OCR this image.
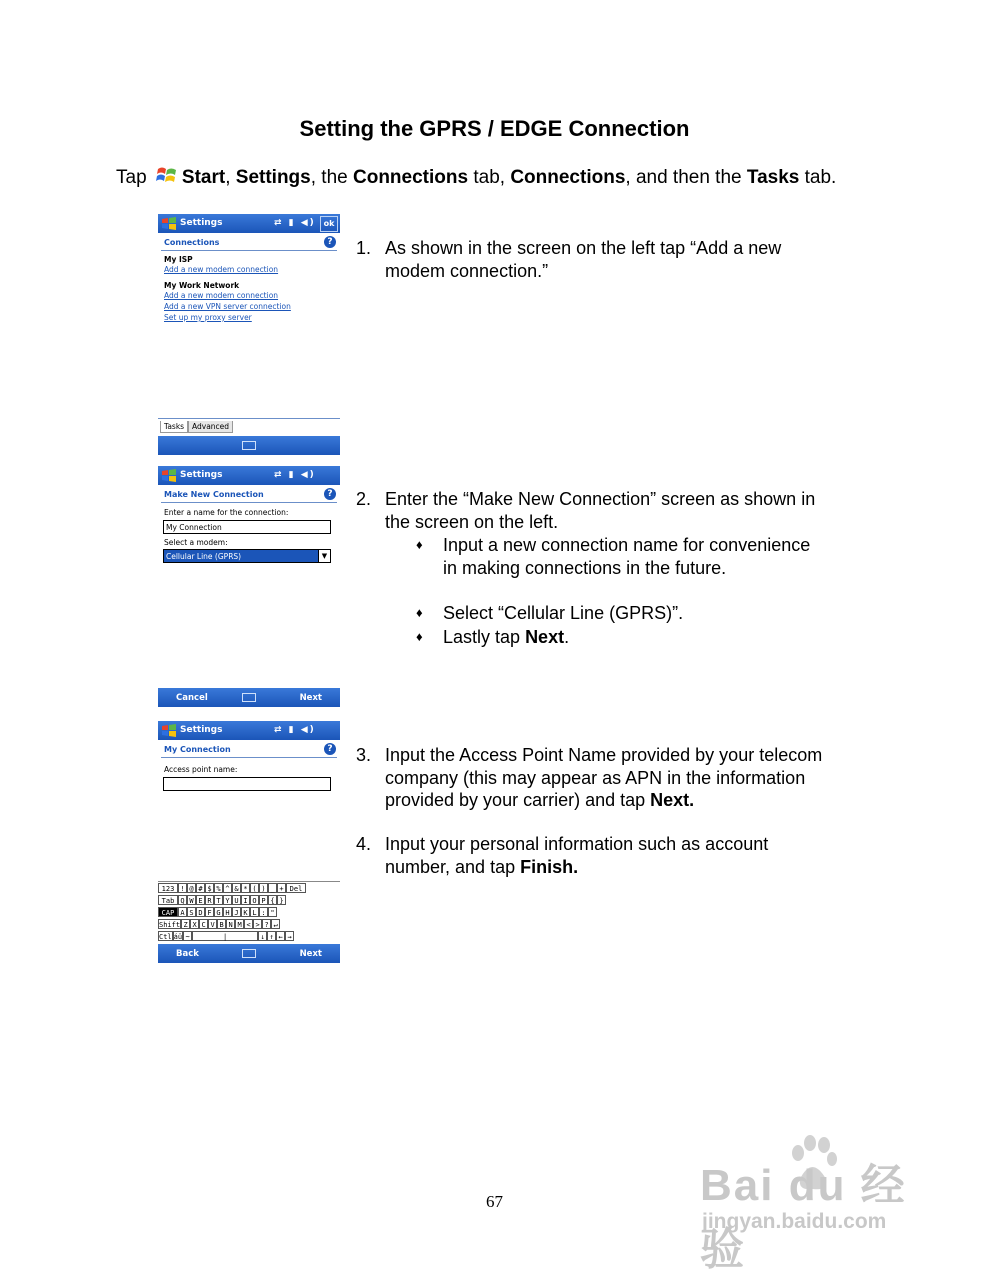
Setting the GPRS / EDGE Connection
Tap Start, Settings, the Connections tab, Connections, and then the Tasks tab.
Settings	⇄ ▮ ◀) ok
Connections	?
My ISP
Add a new modem connection
My Work Network
Add a new modem connection
Add a new VPN server connection
Set up my proxy server
Tasks	Advanced
Settings	⇄ ▮ ◀)
Make New Connection	?
Enter a name for the connection:
My Connection
Select a modem:
Cellular Line (GPRS)	▼
Cancel	Next
Settings	⇄ ▮ ◀)
My Connection	?
Access point name:
123 ! @ # $ % ^ & * ( ) _ + Del
Tab Q W E R T Y U I O P { }
CAP A S D F G H J K L : "
Shift Z X C V B N M < > ? ↵
Ctl áü ~	|	↓ ↑ ← →
Back	Next
1. As shown in the screen on the left tap “Add a new modem connection.”
2. Enter the “Make New Connection” screen as shown in the screen on the left.
♦ Input a new connection name for convenience in making connections in the future.
♦ Select “Cellular Line (GPRS)”.
♦ Lastly tap Next.
3. Input the Access Point Name provided by your telecom company (this may appear as APN in the information provided by your carrier) and tap Next.
4. Input your personal information such as account number, and tap Finish.
67	Bai du 经验
jingyan.baidu.com
